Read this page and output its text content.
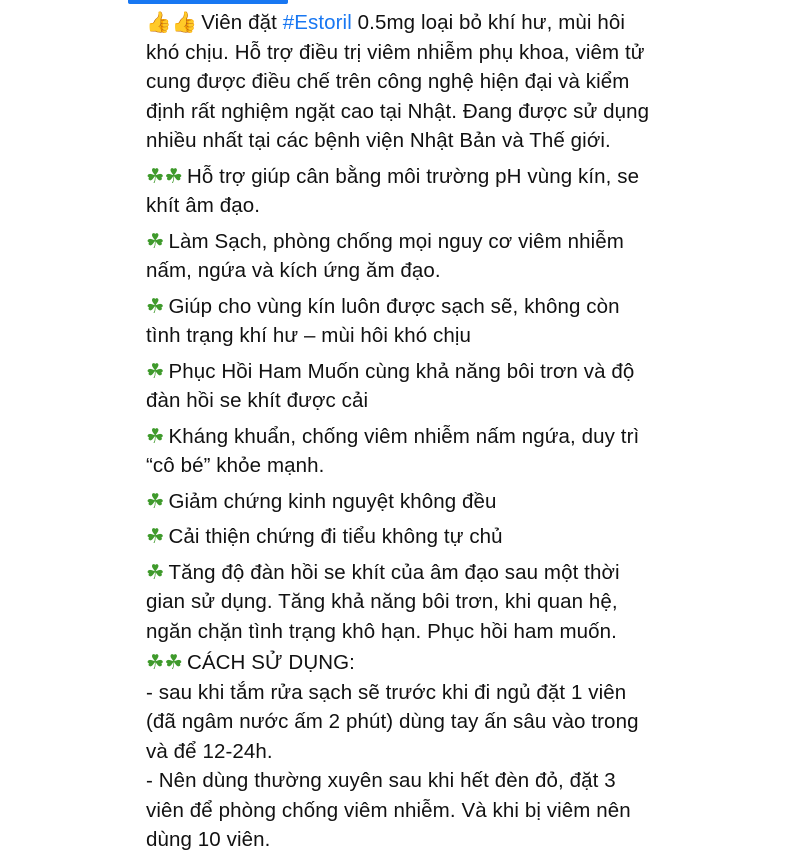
👍👍 Viên đặt #Estoril 0.5mg loại bỏ khí hư, mùi hôi khó chịu. Hỗ trợ điều trị viêm nhiễm phụ khoa, viêm tử cung được điều chế trên công nghệ hiện đại và kiểm định rất nghiệm ngặt cao tại Nhật. Đang được sử dụng nhiều nhất tại các bệnh viện Nhật Bản và Thế giới.

☘☘ Hỗ trợ giúp cân bằng môi trường pH vùng kín, se khít âm đạo.

☘ Làm Sạch, phòng chống mọi nguy cơ viêm nhiễm nấm, ngứa và kích ứng ăm đạo.

☘ Giúp cho vùng kín luôn được sạch sẽ, không còn tình trạng khí hư – mùi hôi khó chịu

☘ Phục Hồi Ham Muốn cùng khả năng bôi trơn và độ đàn hồi se khít được cải

☘ Kháng khuẩn, chống viêm nhiễm nấm ngứa, duy trì “cô bé” khỏe mạnh.

☘ Giảm chứng kinh nguyệt không đều

☘ Cải thiện chứng đi tiểu không tự chủ

☘ Tăng độ đàn hồi se khít của âm đạo sau một thời gian sử dụng. Tăng khả năng bôi trơn, khi quan hệ, ngăn chặn tình trạng khô hạn. Phục hồi ham muốn.

☘☘ CÁCH SỬ DỤNG:
- sau khi tắm rửa sạch sẽ trước khi đi ngủ đặt 1 viên (đã ngâm nước ấm 2 phút) dùng tay ấn sâu vào trong và để 12-24h.
- Nên dùng thường xuyên sau khi hết đèn đỏ, đặt 3 viên để phòng chống viêm nhiễm. Và khi bị viêm nên dùng 10 viên.
